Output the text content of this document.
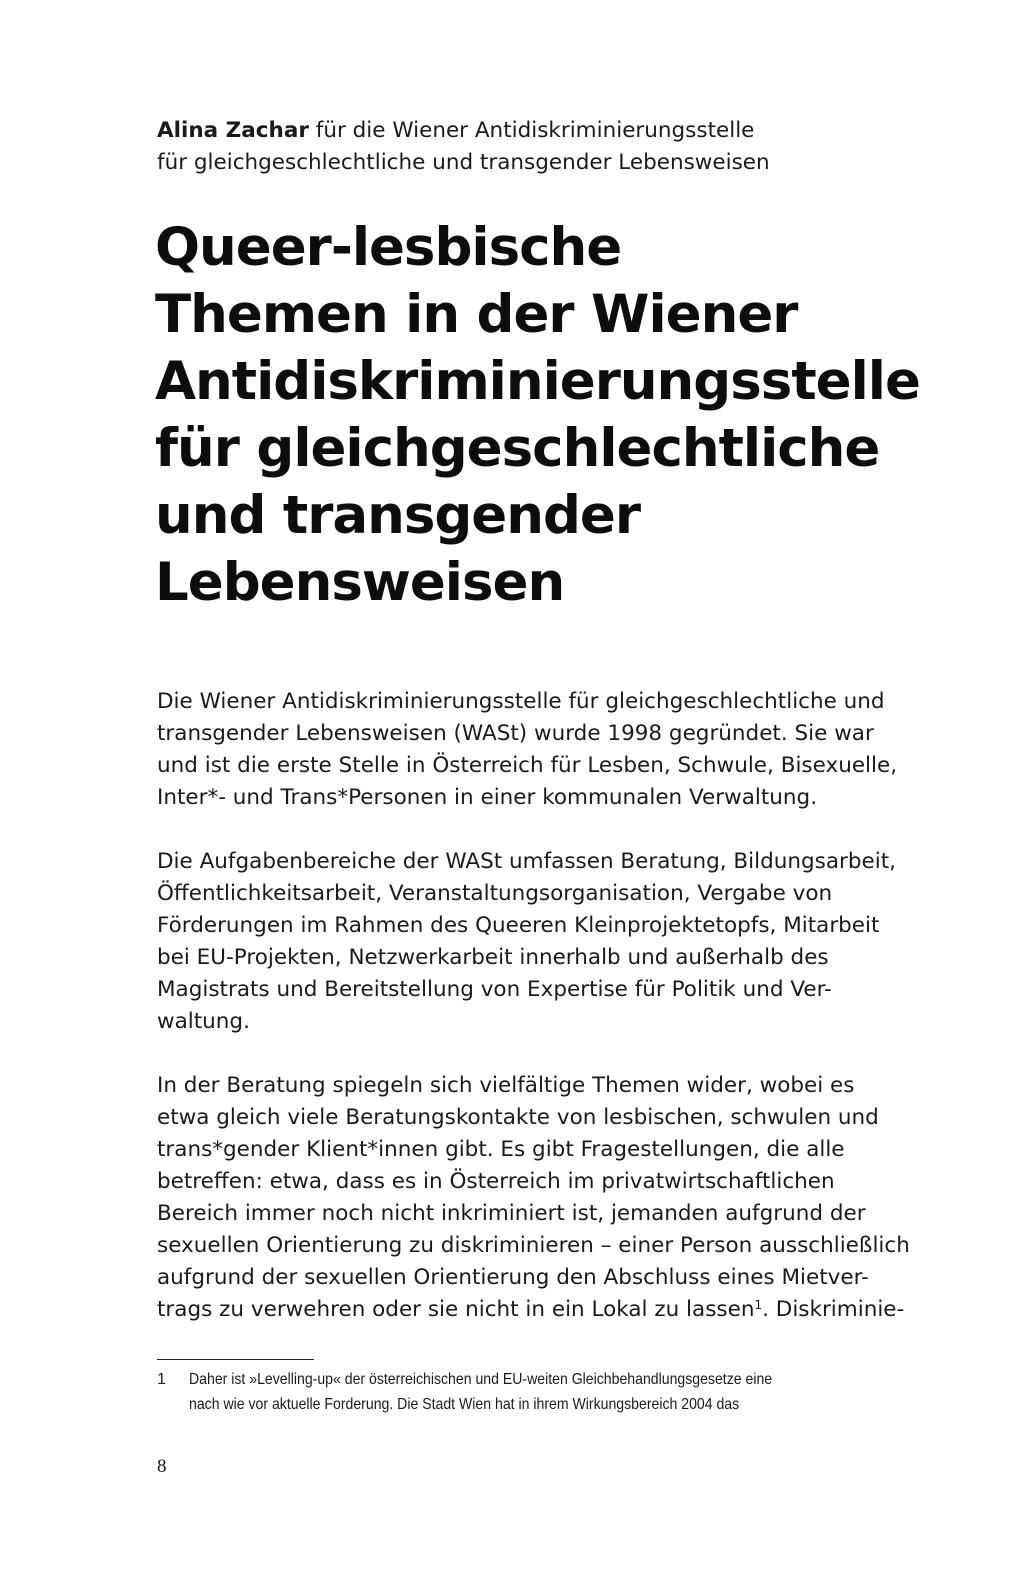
Alina Zachar für die Wiener Antidiskriminierungsstelle
für gleichgeschlechtliche und transgender Lebensweisen
Queer-lesbische
Themen in der Wiener
Antidiskriminierungsstelle
für gleichgeschlechtliche
und transgender
Lebensweisen

Die Wiener Antidiskriminierungsstelle für gleichgeschlechtliche und
transgender Lebensweisen (WASt) wurde 1998 gegründet. Sie war
und ist die erste Stelle in Österreich für Lesben, Schwule, Bisexuelle,
Inter*- und Trans*Personen in einer kommunalen Verwaltung.

Die Aufgabenbereiche der WASt umfassen Beratung, Bildungsarbeit,
Öffentlichkeitsarbeit, Veranstaltungsorganisation, Vergabe von
Förderungen im Rahmen des Queeren Kleinprojektetopfs, Mitarbeit
bei EU-Projekten, Netzwerkarbeit innerhalb und außerhalb des
Magistrats und Bereitstellung von Expertise für Politik und Ver-
waltung.

In der Beratung spiegeln sich vielfältige Themen wider, wobei es
etwa gleich viele Beratungskontakte von lesbischen, schwulen und
trans*gender Klient*innen gibt. Es gibt Fragestellungen, die alle
betreffen: etwa, dass es in Österreich im privatwirtschaftlichen
Bereich immer noch nicht inkriminiert ist, jemanden aufgrund der
sexuellen Orientierung zu diskriminieren – einer Person ausschließlich
aufgrund der sexuellen Orientierung den Abschluss eines Mietver-
trags zu verwehren oder sie nicht in ein Lokal zu lassen$^1$. Diskriminie-

1 Daher ist »Levelling-up« der österreichischen und EU-weiten Gleichbehandlungsgesetze eine
nach wie vor aktuelle Forderung. Die Stadt Wien hat in ihrem Wirkungsbereich 2004 das
8
